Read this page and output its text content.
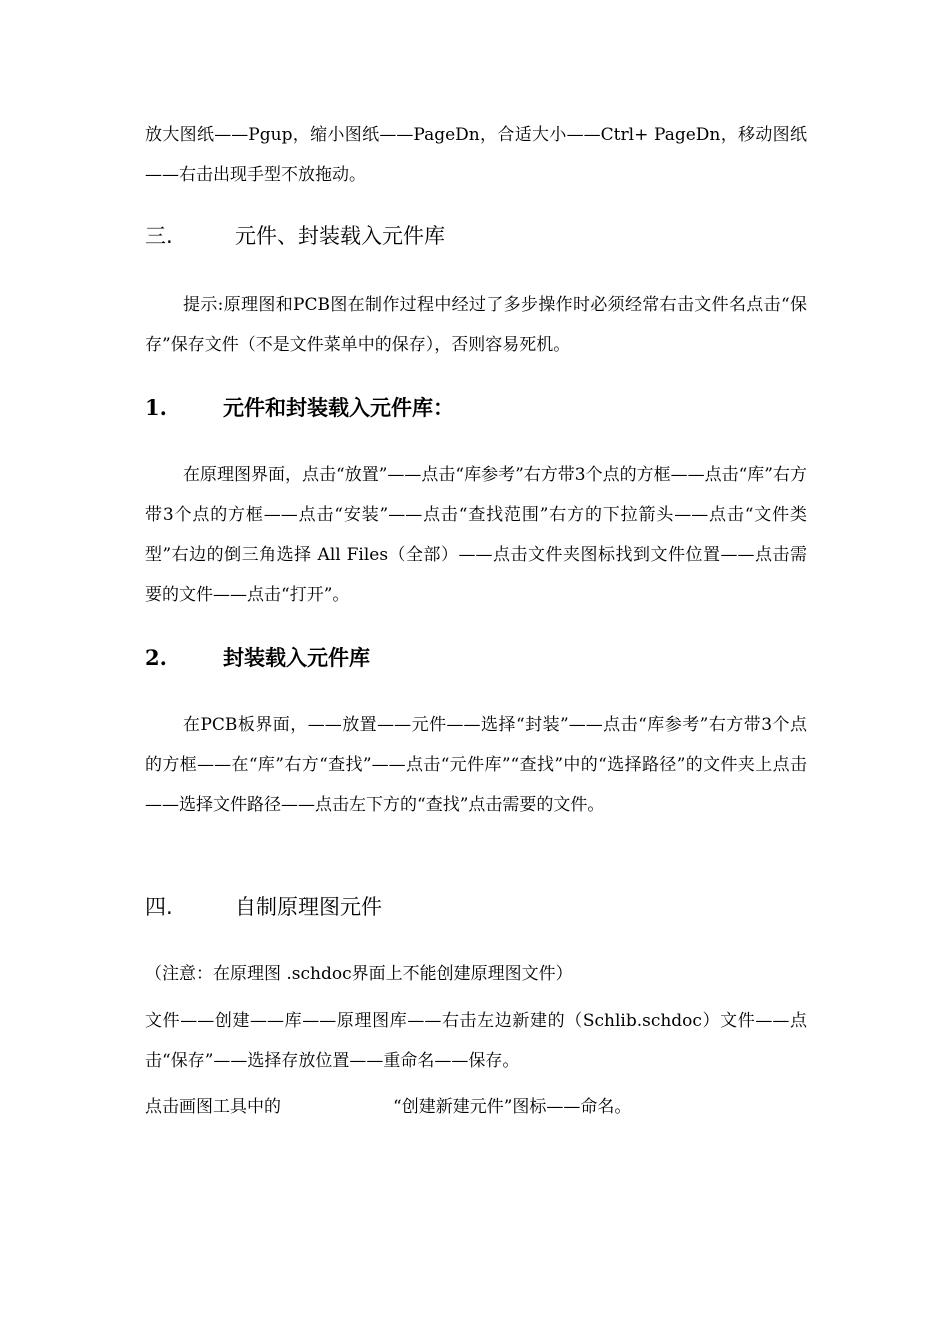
放大图纸——Pgup，缩小图纸——PageDn，合适大小——Ctrl+ PageDn，移动图纸——右击出现手型不放拖动。

三.	元件、封装载入元件库

提示:原理图和PCB图在制作过程中经过了多步操作时必须经常右击文件名点击“保存”保存文件（不是文件菜单中的保存），否则容易死机。

1.	元件和封装载入元件库：

在原理图界面，点击“放置”——点击“库参考”右方带3个点的方框——点击“库”右方带3个点的方框——点击“安装”——点击“查找范围”右方的下拉箭头——点击“文件类型”右边的倒三角选择 All Files（全部）——点击文件夹图标找到文件位置——点击需要的文件——点击“打开”。

2.	封装载入元件库

在PCB板界面，——放置——元件——选择“封装”——点击“库参考”右方带3个点的方框——在“库”右方“查找”——点击“元件库”“查找”中的“选择路径”的文件夹上点击——选择文件路径——点击左下方的“查找”点击需要的文件。

四.	自制原理图元件

（注意：在原理图 .schdoc界面上不能创建原理图文件）

文件——创建——库——原理图库——右击左边新建的（Schlib.schdoc）文件——点击“保存”——选择存放位置——重命名——保存。

点击画图工具中的	“创建新建元件”图标——命名。
